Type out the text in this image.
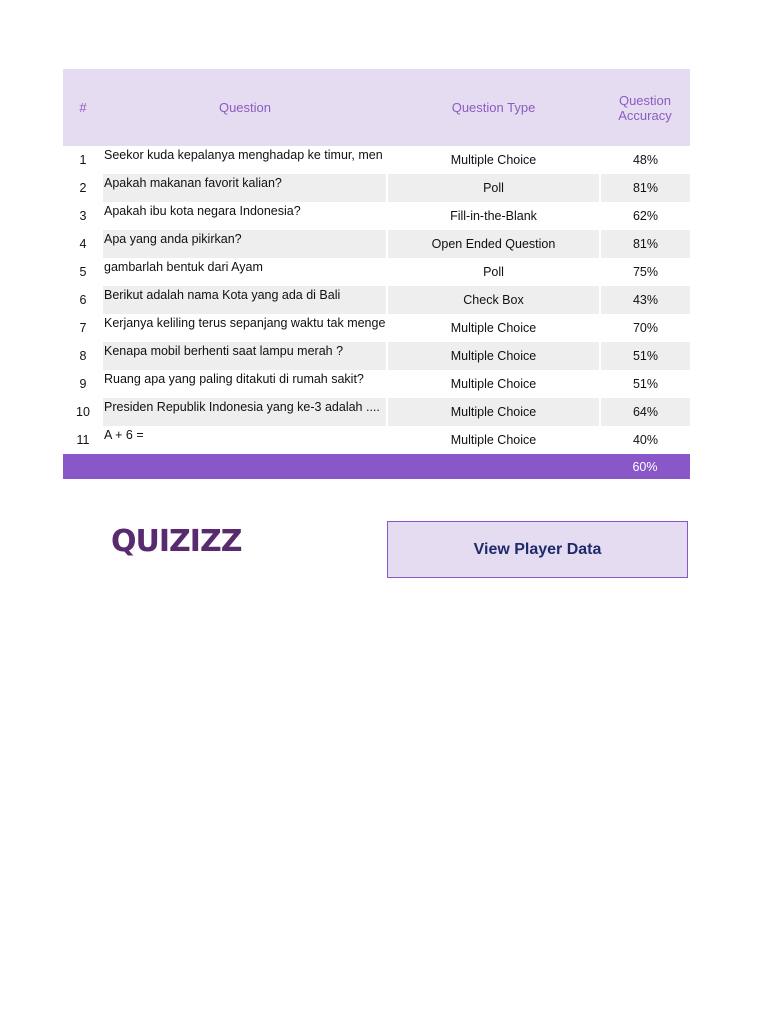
#	Question	Question Type	Question
Accuracy
1	Seekor kuda kepalanya menghadap ke timur, men	Multiple Choice	48%
2	Apakah makanan favorit kalian?	Poll	81%
3	Apakah ibu kota negara Indonesia?	Fill-in-the-Blank	62%
4	Apa yang anda pikirkan?	Open Ended Question	81%
5	gambarlah bentuk dari Ayam	Poll	75%
6	Berikut adalah nama Kota yang ada di Bali	Check Box	43%
7	Kerjanya keliling terus sepanjang waktu tak menge	Multiple Choice	70%
8	Kenapa mobil berhenti saat lampu merah ?	Multiple Choice	51%
9	Ruang apa yang paling ditakuti di rumah sakit?	Multiple Choice	51%
10	Presiden Republik Indonesia yang ke-3 adalah ....	Multiple Choice	64%
11	A + 6 =	Multiple Choice	40%
			60%
QUIZIZZ	View Player Data
